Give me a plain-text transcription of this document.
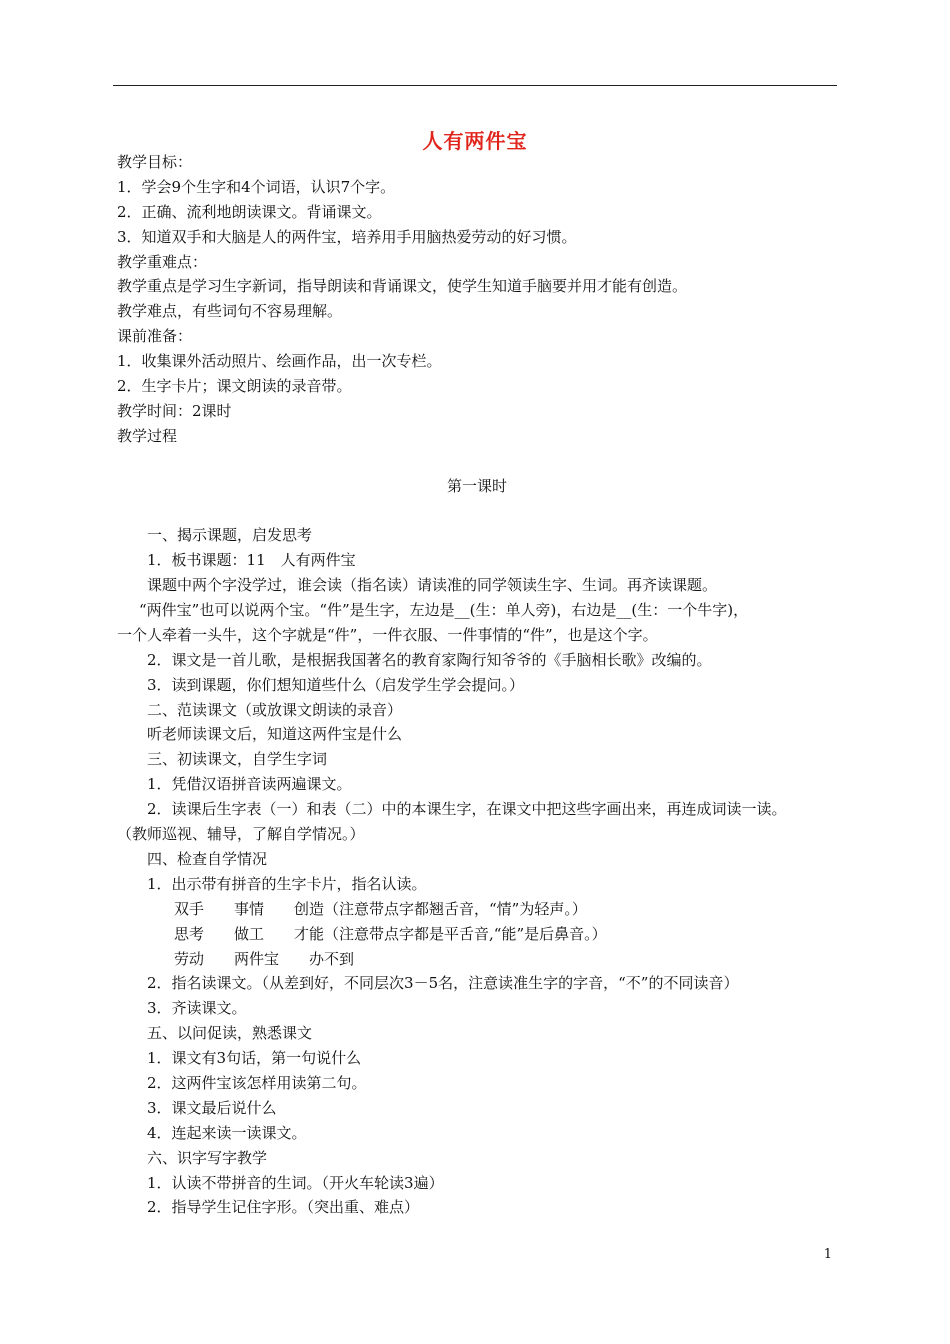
人有两件宝
教学目标：
1．学会9个生字和4个词语，认识7个字。
2．正确、流利地朗读课文。背诵课文。
3．知道双手和大脑是人的两件宝，培养用手用脑热爱劳动的好习惯。
教学重难点：
教学重点是学习生字新词，指导朗读和背诵课文，使学生知道手脑要并用才能有创造。
教学难点，有些词句不容易理解。
课前准备：
1．收集课外活动照片、绘画作品，出一次专栏。
2．生字卡片；课文朗读的录音带。
教学时间：2课时
教学过程
第一课时
一、揭示课题，启发思考
1．板书课题：11　人有两件宝
课题中两个字没学过，谁会读（指名读）请读准的同学领读生字、生词。再齐读课题。
“两件宝”也可以说两个宝。“件”是生字，左边是__(生：单人旁)，右边是__(生：一个牛字)，
一个人牵着一头牛，这个字就是“件”，一件衣服、一件事情的“件”，也是这个字。
2．课文是一首儿歌，是根据我国著名的教育家陶行知爷爷的《手脑相长歌》改编的。
3．读到课题，你们想知道些什么（启发学生学会提问。）
二、范读课文（或放课文朗读的录音）
听老师读课文后，知道这两件宝是什么
三、初读课文，自学生字词
1．凭借汉语拼音读两遍课文。
2．读课后生字表（一）和表（二）中的本课生字，在课文中把这些字画出来，再连成词读一读。
（教师巡视、辅导，了解自学情况。）
四、检查自学情况
1．出示带有拼音的生字卡片，指名认读。
双手　　事情　　创造（注意带点字都翘舌音，“情”为轻声。）
思考　　做工　　才能（注意带点字都是平舌音,“能”是后鼻音。）
劳动　　两件宝　　办不到
2．指名读课文。（从差到好，不同层次3－5名，注意读准生字的字音，“不”的不同读音）
3．齐读课文。
五、以问促读，熟悉课文
1．课文有3句话，第一句说什么
2．这两件宝该怎样用读第二句。
3．课文最后说什么
4．连起来读一读课文。
六、识字写字教学
1．认读不带拼音的生词。（开火车轮读3遍）
2．指导学生记住字形。（突出重、难点）
1
